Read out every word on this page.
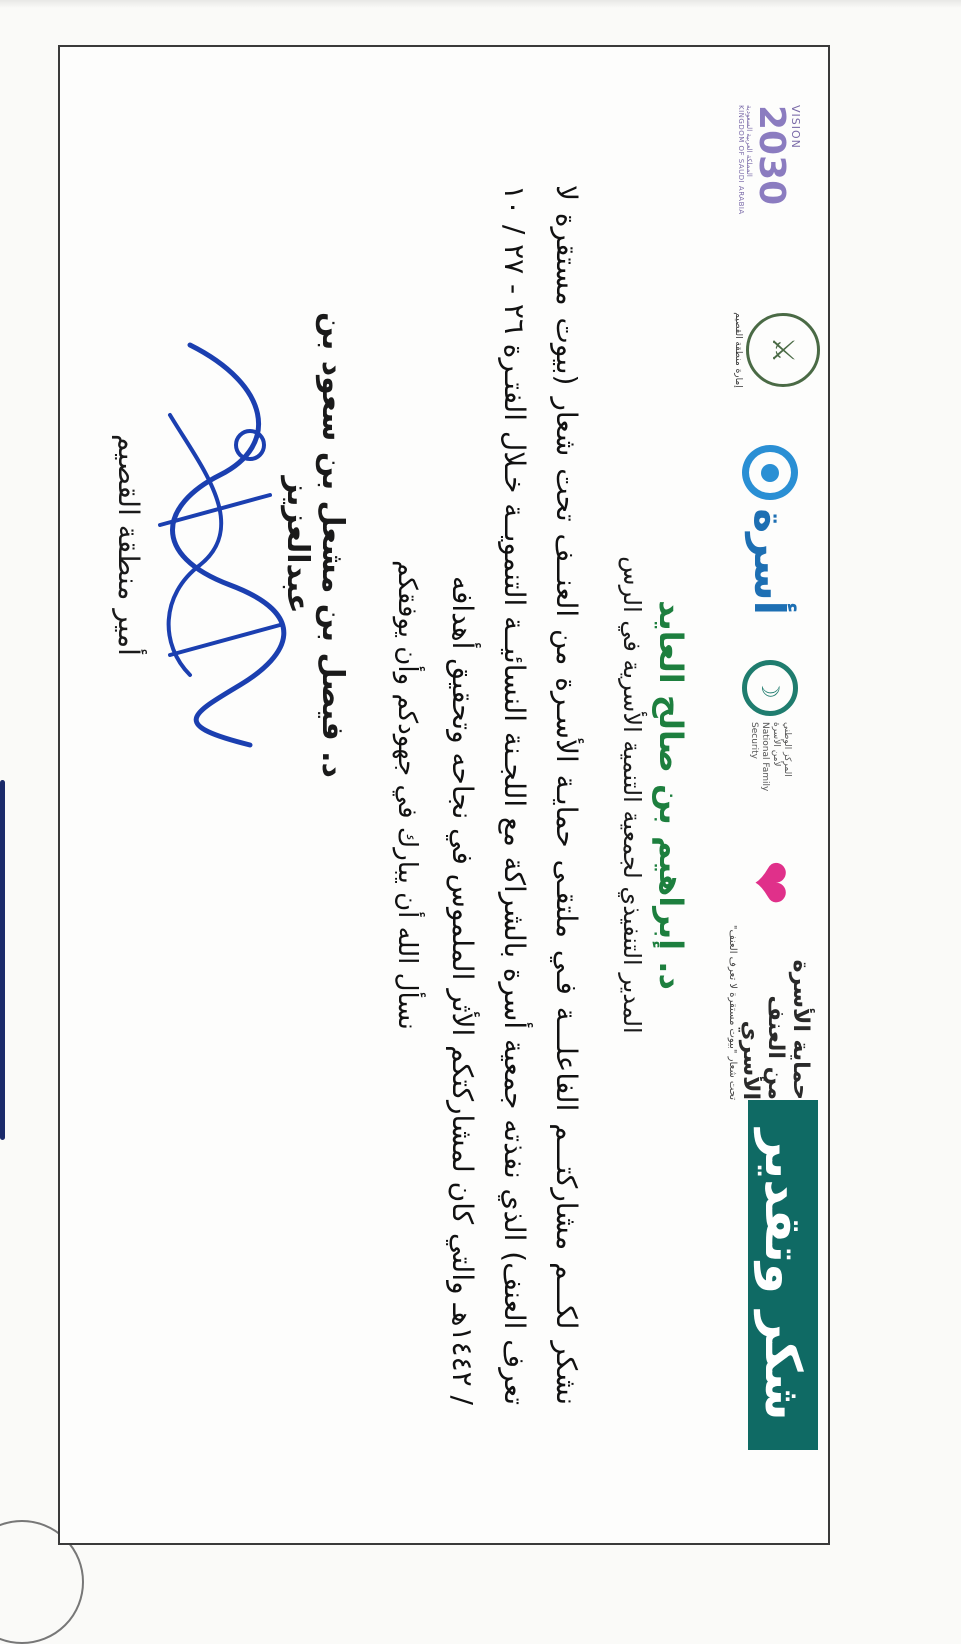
شكر وتقدير
VISION
2030
المملكة العربية السعودية
KINGDOM OF SAUDI ARABIA
⚔
إمارة منطقة القصيم
أسرة
☽
المركز الوطني
لأمن الأسرة
National Family
Security
❤
حماية الأسرة
من العنف الأسري
تحت شعار "بيوت مستقرة لا تعرف العنف"
د. إبراهيم بن صالح العايد
المدير التنفيذي لجمعية التنمية الأسرية في الرس
نشكر لكـــم مشاركتـــم الفاعلـــة فـي ملتقـى حمايـة الأسـرة من العنــف تحت شعار (بيوت مستقرة لا تعرف العنف) الذي نفذته جمعية أسرة بالشراكة مع اللجـنة النسائيــة التنمويــة خـلال الفتـرة ٢٦ - ٢٧ / ١٠ / ١٤٤٢هـ والتي كان لمشاركتكم الأثر الملموس في نجاحه وتحقيق أهدافه
نسأل الله أن يبارك في جهودكم وأن يوفقكم
د. فيصل بن مشعل بن سعود بن عبدالعزيز
أمير منطقة القصيم
